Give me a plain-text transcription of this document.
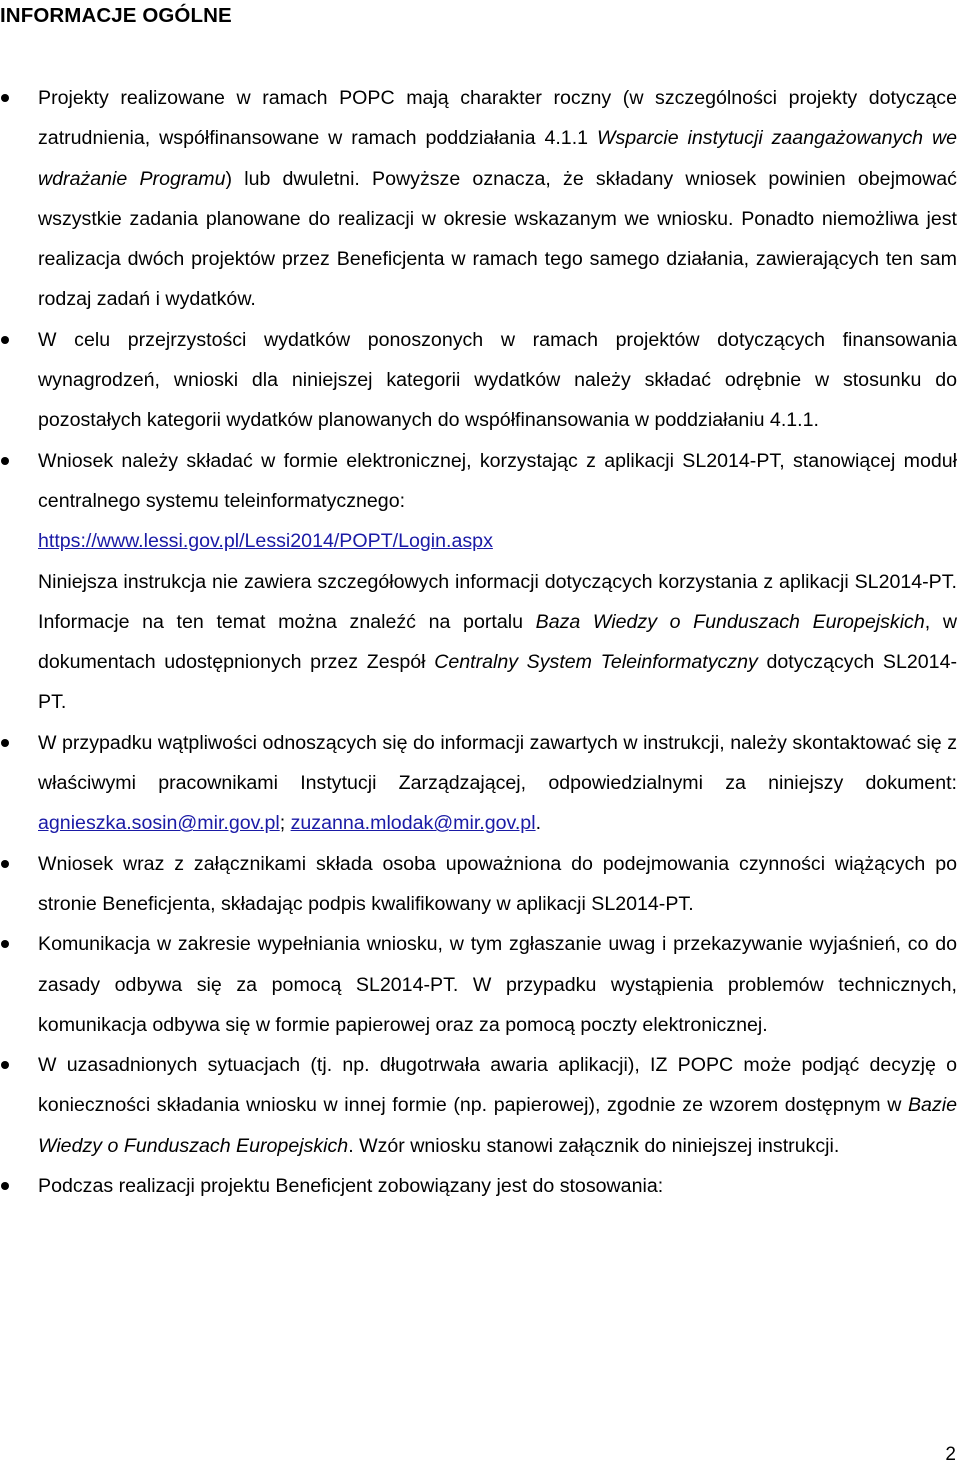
INFORMACJE OGÓLNE
Projekty realizowane w ramach POPC mają charakter roczny (w szczególności projekty dotyczące zatrudnienia, współfinansowane w ramach poddziałania 4.1.1 Wsparcie instytucji zaangażowanych we wdrażanie Programu) lub dwuletni. Powyższe oznacza, że składany wniosek powinien obejmować wszystkie zadania planowane do realizacji w okresie wskazanym we wniosku. Ponadto niemożliwa jest realizacja dwóch projektów przez Beneficjenta w ramach tego samego działania, zawierających ten sam rodzaj zadań i wydatków.
W celu przejrzystości wydatków ponoszonych w ramach projektów dotyczących finansowania wynagrodzeń, wnioski dla niniejszej kategorii wydatków należy składać odrębnie w stosunku do pozostałych kategorii wydatków planowanych do współfinansowania w poddziałaniu 4.1.1.
Wniosek należy składać w formie elektronicznej, korzystając z aplikacji SL2014-PT, stanowiącej moduł centralnego systemu teleinformatycznego:
https://www.lessi.gov.pl/Lessi2014/POPT/Login.aspx
Niniejsza instrukcja nie zawiera szczegółowych informacji dotyczących korzystania z aplikacji SL2014-PT. Informacje na ten temat można znaleźć na portalu Baza Wiedzy o Funduszach Europejskich, w dokumentach udostępnionych przez Zespół Centralny System Teleinformatyczny dotyczących SL2014-PT.
W przypadku wątpliwości odnoszących się do informacji zawartych w instrukcji, należy skontaktować się z właściwymi pracownikami Instytucji Zarządzającej, odpowiedzialnymi za niniejszy dokument: agnieszka.sosin@mir.gov.pl; zuzanna.mlodak@mir.gov.pl.
Wniosek wraz z załącznikami składa osoba upoważniona do podejmowania czynności wiążących po stronie Beneficjenta, składając podpis kwalifikowany w aplikacji SL2014-PT.
Komunikacja w zakresie wypełniania wniosku, w tym zgłaszanie uwag i przekazywanie wyjaśnień, co do zasady odbywa się za pomocą SL2014-PT. W przypadku wystąpienia problemów technicznych, komunikacja odbywa się w formie papierowej oraz za pomocą poczty elektronicznej.
W uzasadnionych sytuacjach (tj. np. długotrwała awaria aplikacji), IZ POPC może podjąć decyzję o konieczności składania wniosku w innej formie (np. papierowej), zgodnie ze wzorem dostępnym w Bazie Wiedzy o Funduszach Europejskich. Wzór wniosku stanowi załącznik do niniejszej instrukcji.
Podczas realizacji projektu Beneficjent zobowiązany jest do stosowania:
2
